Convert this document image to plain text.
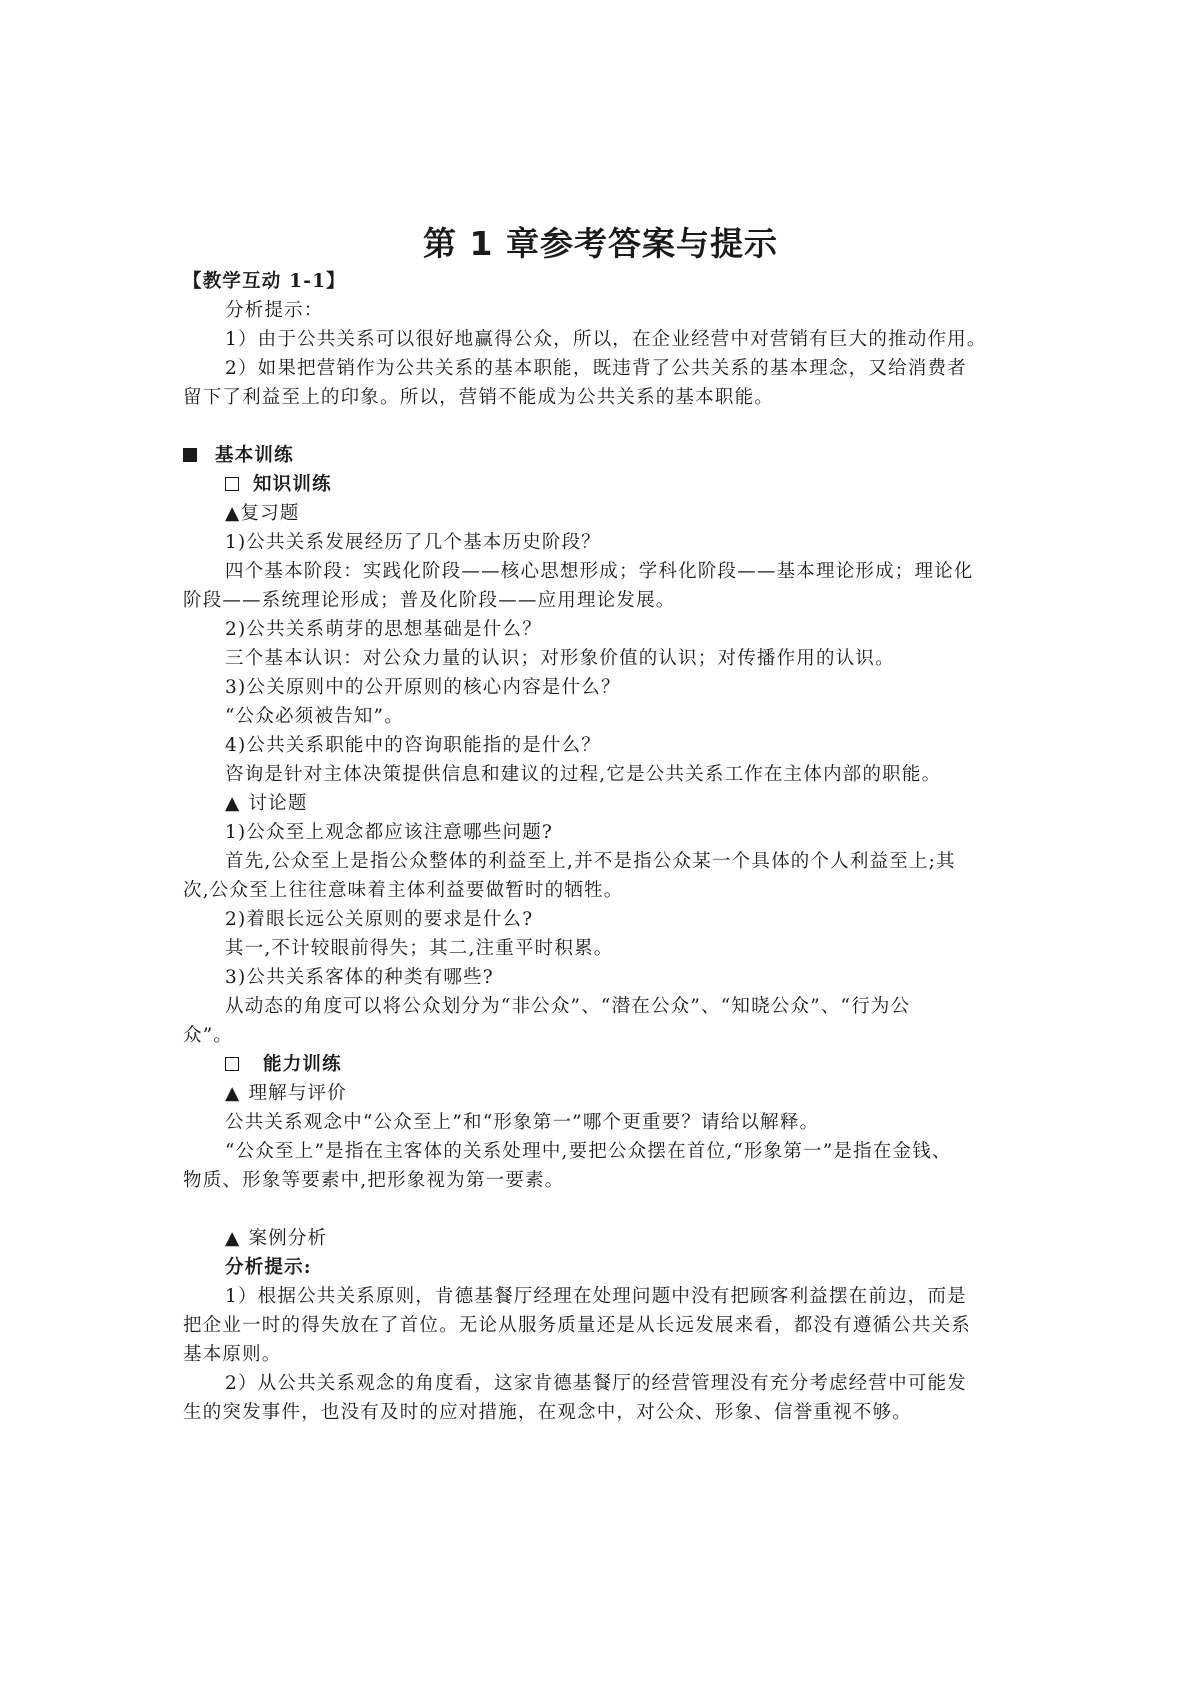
第 1 章参考答案与提示
【教学互动 1-1】
分析提示：
1）由于公共关系可以很好地赢得公众，所以，在企业经营中对营销有巨大的推动作用。
2）如果把营销作为公共关系的基本职能，既违背了公共关系的基本理念，又给消费者
留下了利益至上的印象。所以，营销不能成为公共关系的基本职能。
基本训练
知识训练
▲复习题
1)公共关系发展经历了几个基本历史阶段？
四个基本阶段：实践化阶段——核心思想形成；学科化阶段——基本理论形成；理论化
阶段——系统理论形成；普及化阶段——应用理论发展。
2)公共关系萌芽的思想基础是什么？
三个基本认识：对公众力量的认识；对形象价值的认识；对传播作用的认识。
3)公关原则中的公开原则的核心内容是什么？
“公众必须被告知”。
4)公共关系职能中的咨询职能指的是什么？
咨询是针对主体决策提供信息和建议的过程,它是公共关系工作在主体内部的职能。
▲ 讨论题
1)公众至上观念都应该注意哪些问题?
首先,公众至上是指公众整体的利益至上,并不是指公众某一个具体的个人利益至上;其
次,公众至上往往意味着主体利益要做暂时的牺牲。
2)着眼长远公关原则的要求是什么?
其一,不计较眼前得失；其二,注重平时积累。
3)公共关系客体的种类有哪些?
从动态的角度可以将公众划分为“非公众”、“潜在公众”、“知晓公众”、“行为公
众”。
能力训练
▲ 理解与评价
公共关系观念中“公众至上”和“形象第一”哪个更重要？请给以解释。
“公众至上”是指在主客体的关系处理中,要把公众摆在首位,“形象第一”是指在金钱、
物质、形象等要素中,把形象视为第一要素。
▲ 案例分析
分析提示:
1）根据公共关系原则，肯德基餐厅经理在处理问题中没有把顾客利益摆在前边，而是
把企业一时的得失放在了首位。无论从服务质量还是从长远发展来看，都没有遵循公共关系
基本原则。
2）从公共关系观念的角度看，这家肯德基餐厅的经营管理没有充分考虑经营中可能发
生的突发事件，也没有及时的应对措施，在观念中，对公众、形象、信誉重视不够。
